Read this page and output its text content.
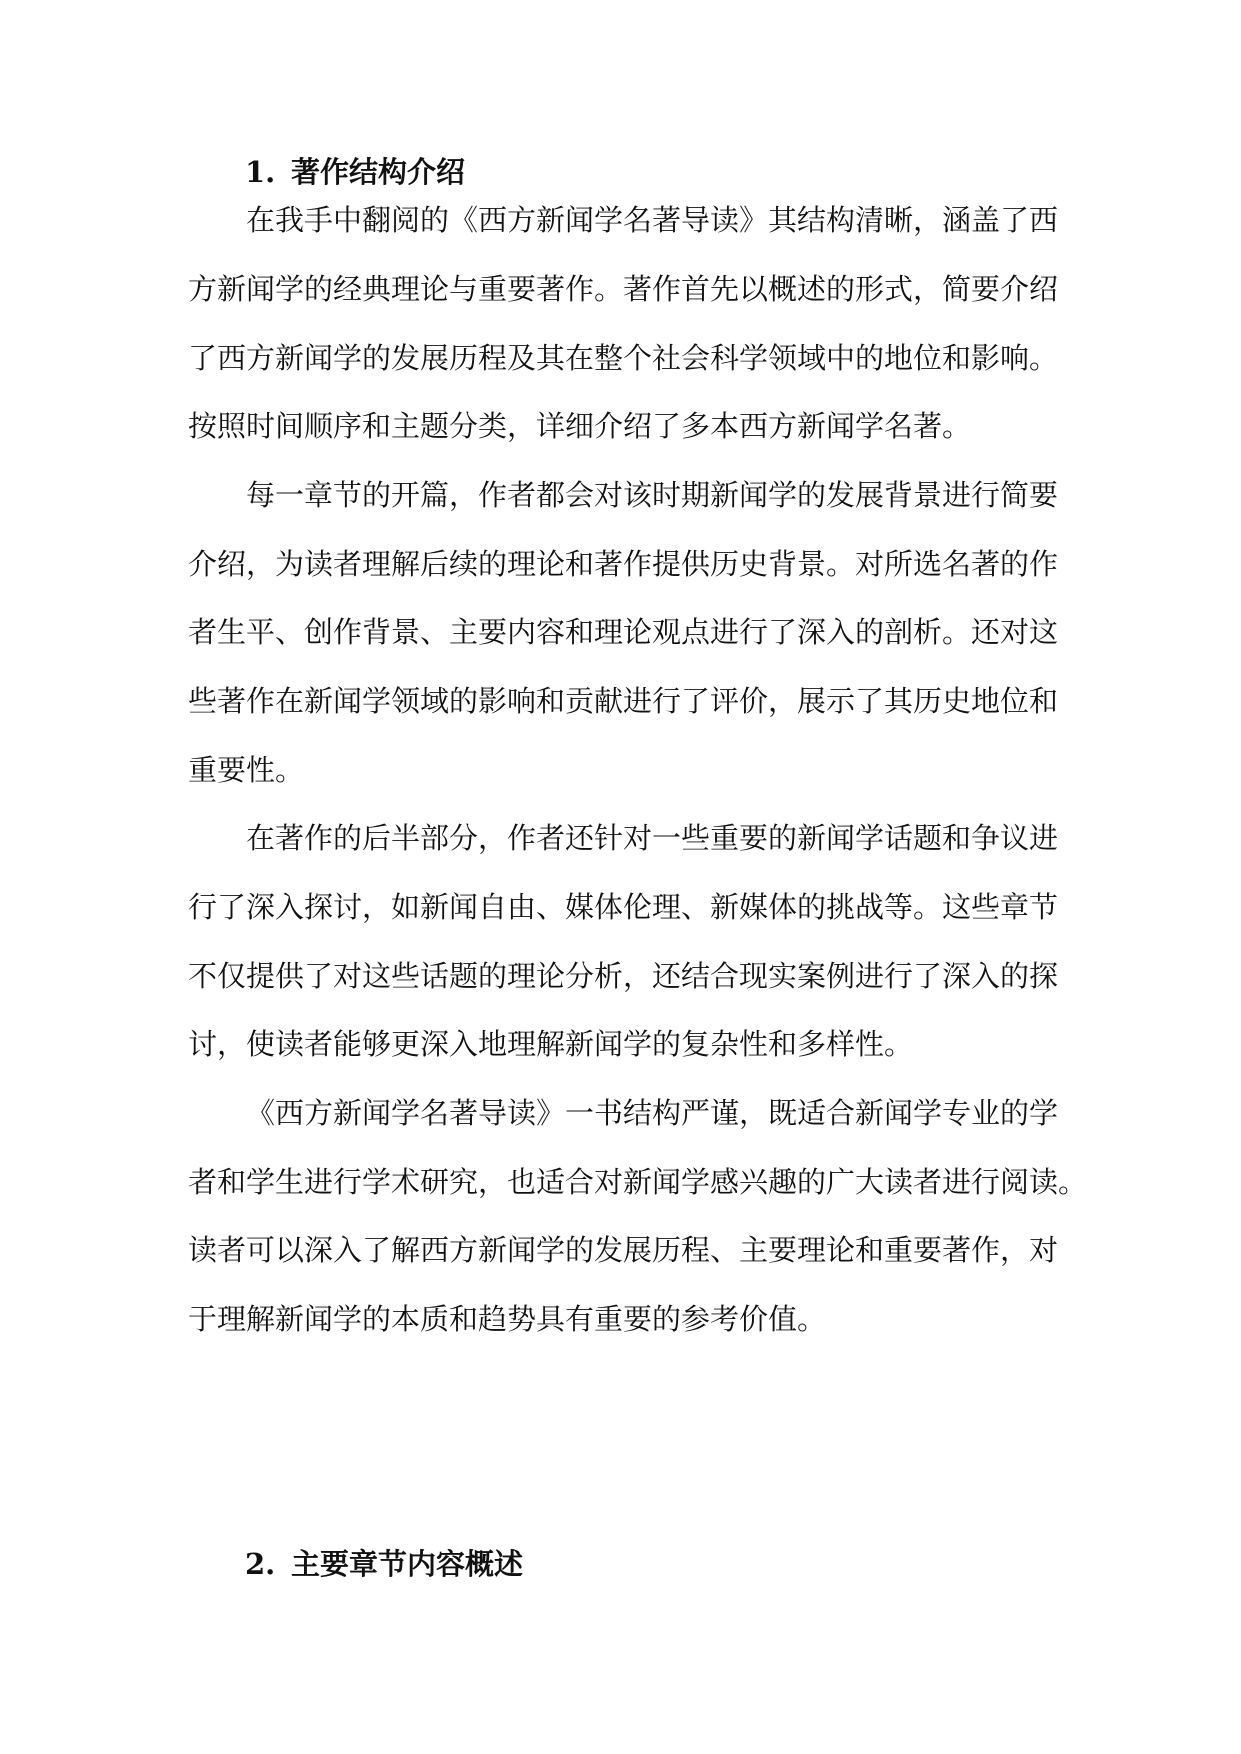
1. 著作结构介绍
在我手中翻阅的《西方新闻学名著导读》其结构清晰，涵盖了西
方新闻学的经典理论与重要著作。著作首先以概述的形式，简要介绍
了西方新闻学的发展历程及其在整个社会科学领域中的地位和影响。
按照时间顺序和主题分类，详细介绍了多本西方新闻学名著。
每一章节的开篇，作者都会对该时期新闻学的发展背景进行简要
介绍，为读者理解后续的理论和著作提供历史背景。对所选名著的作
者生平、创作背景、主要内容和理论观点进行了深入的剖析。还对这
些著作在新闻学领域的影响和贡献进行了评价，展示了其历史地位和
重要性。
在著作的后半部分，作者还针对一些重要的新闻学话题和争议进
行了深入探讨，如新闻自由、媒体伦理、新媒体的挑战等。这些章节
不仅提供了对这些话题的理论分析，还结合现实案例进行了深入的探
讨，使读者能够更深入地理解新闻学的复杂性和多样性。
《西方新闻学名著导读》一书结构严谨，既适合新闻学专业的学
者和学生进行学术研究，也适合对新闻学感兴趣的广大读者进行阅读。
读者可以深入了解西方新闻学的发展历程、主要理论和重要著作，对
于理解新闻学的本质和趋势具有重要的参考价值。
2. 主要章节内容概述
